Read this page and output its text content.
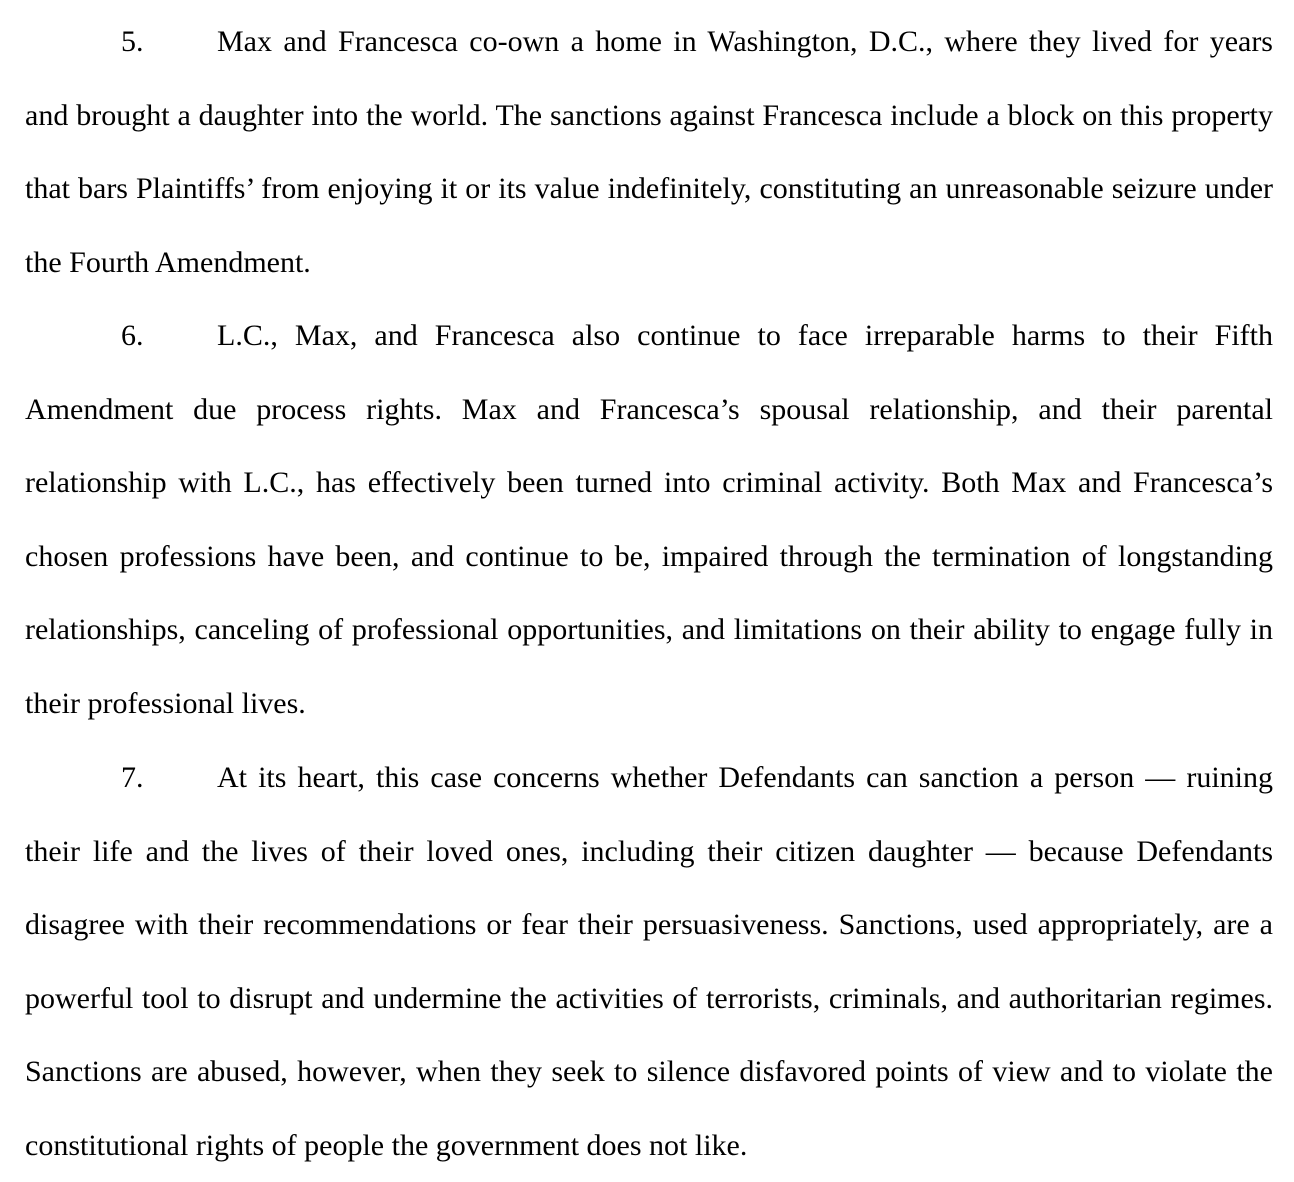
5. Max and Francesca co-own a home in Washington, D.C., where they lived for years and brought a daughter into the world. The sanctions against Francesca include a block on this property that bars Plaintiffs’ from enjoying it or its value indefinitely, constituting an unreasonable seizure under the Fourth Amendment.

6. L.C., Max, and Francesca also continue to face irreparable harms to their Fifth Amendment due process rights. Max and Francesca’s spousal relationship, and their parental relationship with L.C., has effectively been turned into criminal activity. Both Max and Francesca’s chosen professions have been, and continue to be, impaired through the termination of longstanding relationships, canceling of professional opportunities, and limitations on their ability to engage fully in their professional lives.

7. At its heart, this case concerns whether Defendants can sanction a person — ruining their life and the lives of their loved ones, including their citizen daughter — because Defendants disagree with their recommendations or fear their persuasiveness. Sanctions, used appropriately, are a powerful tool to disrupt and undermine the activities of terrorists, criminals, and authoritarian regimes. Sanctions are abused, however, when they seek to silence disfavored points of view and to violate the constitutional rights of people the government does not like.
